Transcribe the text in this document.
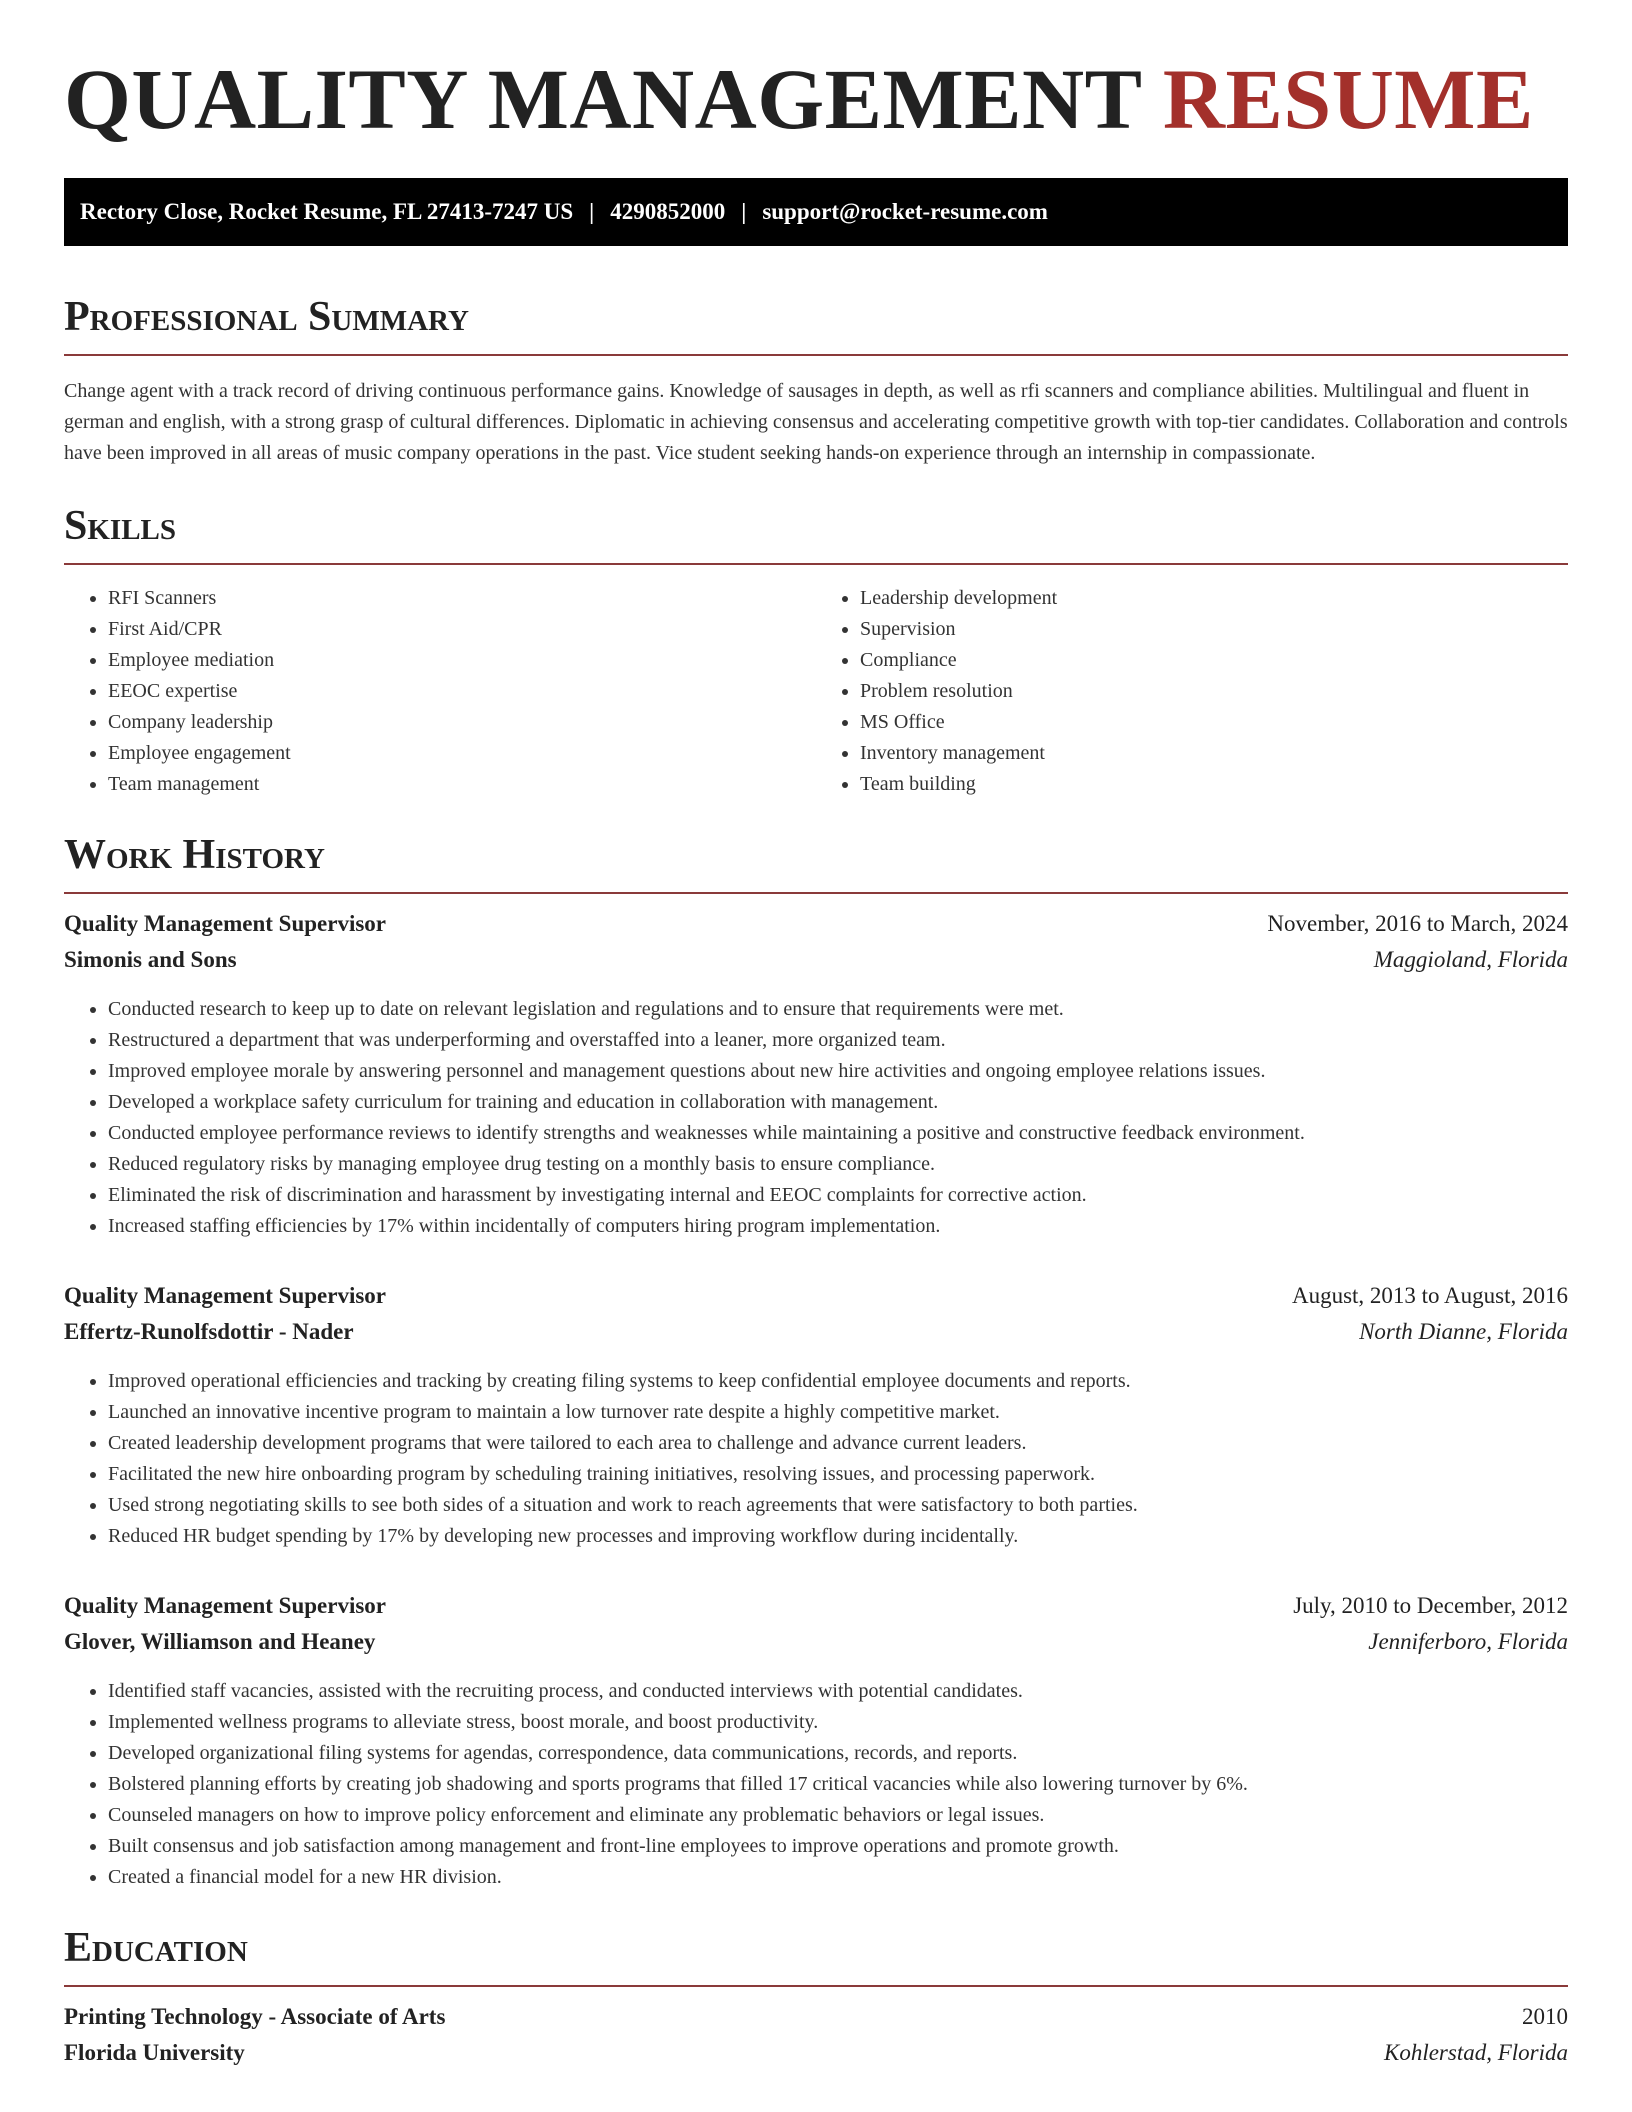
QUALITY MANAGEMENT RESUME
Rectory Close, Rocket Resume, FL 27413-7247 US | 4290852000 | support@rocket-resume.com
Professional Summary

Change agent with a track record of driving continuous performance gains. Knowledge of sausages in depth, as well as rfi scanners and compliance abilities. Multilingual and fluent in german and english, with a strong grasp of cultural differences. Diplomatic in achieving consensus and accelerating competitive growth with top-tier candidates. Collaboration and controls have been improved in all areas of music company operations in the past. Vice student seeking hands-on experience through an internship in compassionate.

Skills
• RFI Scanners
• First Aid/CPR
• Employee mediation
• EEOC expertise
• Company leadership
• Employee engagement
• Team management
• Leadership development
• Supervision
• Compliance
• Problem resolution
• MS Office
• Inventory management
• Team building
Work History
Quality Management Supervisor	November, 2016 to March, 2024
Simonis and Sons	Maggioland, Florida
• Conducted research to keep up to date on relevant legislation and regulations and to ensure that requirements were met.
• Restructured a department that was underperforming and overstaffed into a leaner, more organized team.
• Improved employee morale by answering personnel and management questions about new hire activities and ongoing employee relations issues.
• Developed a workplace safety curriculum for training and education in collaboration with management.
• Conducted employee performance reviews to identify strengths and weaknesses while maintaining a positive and constructive feedback environment.
• Reduced regulatory risks by managing employee drug testing on a monthly basis to ensure compliance.
• Eliminated the risk of discrimination and harassment by investigating internal and EEOC complaints for corrective action.
• Increased staffing efficiencies by 17% within incidentally of computers hiring program implementation.
Quality Management Supervisor	August, 2013 to August, 2016
Effertz-Runolfsdottir - Nader	North Dianne, Florida
• Improved operational efficiencies and tracking by creating filing systems to keep confidential employee documents and reports.
• Launched an innovative incentive program to maintain a low turnover rate despite a highly competitive market.
• Created leadership development programs that were tailored to each area to challenge and advance current leaders.
• Facilitated the new hire onboarding program by scheduling training initiatives, resolving issues, and processing paperwork.
• Used strong negotiating skills to see both sides of a situation and work to reach agreements that were satisfactory to both parties.
• Reduced HR budget spending by 17% by developing new processes and improving workflow during incidentally.
Quality Management Supervisor	July, 2010 to December, 2012
Glover, Williamson and Heaney	Jenniferboro, Florida
• Identified staff vacancies, assisted with the recruiting process, and conducted interviews with potential candidates.
• Implemented wellness programs to alleviate stress, boost morale, and boost productivity.
• Developed organizational filing systems for agendas, correspondence, data communications, records, and reports.
• Bolstered planning efforts by creating job shadowing and sports programs that filled 17 critical vacancies while also lowering turnover by 6%.
• Counseled managers on how to improve policy enforcement and eliminate any problematic behaviors or legal issues.
• Built consensus and job satisfaction among management and front-line employees to improve operations and promote growth.
• Created a financial model for a new HR division.
Education
Printing Technology - Associate of Arts	2010
Florida University	Kohlerstad, Florida
